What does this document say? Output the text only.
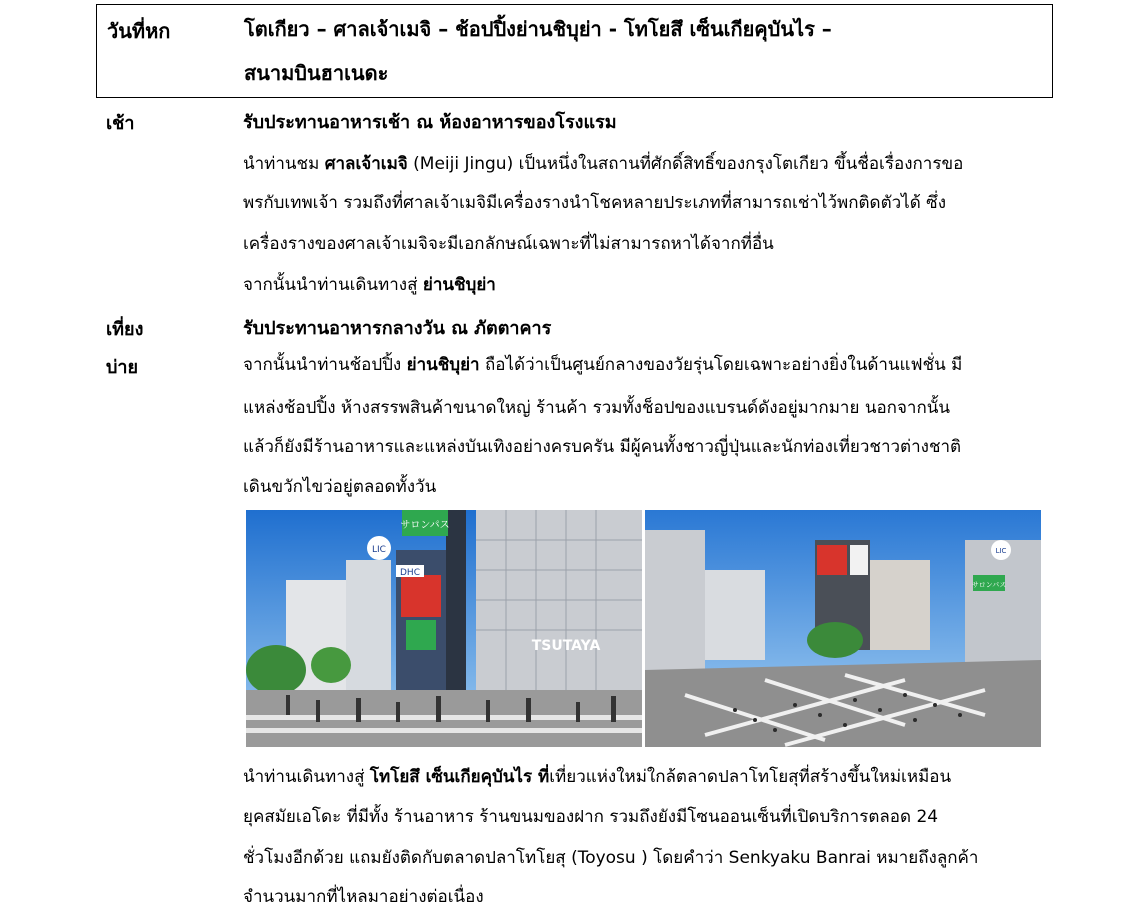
วันที่หก	โตเกียว – ศาลเจ้าเมจิ – ช้อปปิ้งย่านชิบุย่า - โทโยสึ เซ็นเกียคุบันไร –
สนามบินฮาเนดะ
เช้า	รับประทานอาหารเช้า ณ ห้องอาหารของโรงแรม
นำท่านชม ศาลเจ้าเมจิ (Meiji Jingu) เป็นหนึ่งในสถานที่ศักดิ์สิทธิ์ของกรุงโตเกียว ขึ้นชื่อเรื่องการขอ
พรกับเทพเจ้า รวมถึงที่ศาลเจ้าเมจิมีเครื่องรางนำโชคหลายประเภทที่สามารถเช่าไว้พกติดตัวได้ ซึ่ง
เครื่องรางของศาลเจ้าเมจิจะมีเอกลักษณ์เฉพาะที่ไม่สามารถหาได้จากที่อื่น
จากนั้นนำท่านเดินทางสู่ ย่านชิบุย่า
เที่ยง	รับประทานอาหารกลางวัน ณ ภัตตาคาร
บ่าย	จากนั้นนำท่านช้อปปิ้ง ย่านชิบุย่า ถือได้ว่าเป็นศูนย์กลางของวัยรุ่นโดยเฉพาะอย่างยิ่งในด้านแฟชั่น มี
แหล่งช้อปปิ้ง ห้างสรรพสินค้าขนาดใหญ่ ร้านค้า รวมทั้งช็อปของแบรนด์ดังอยู่มากมาย นอกจากนั้น
แล้วก็ยังมีร้านอาหารและแหล่งบันเทิงอย่างครบครัน มีผู้คนทั้งชาวญี่ปุ่นและนักท่องเที่ยวชาวต่างชาติ
เดินขวักไขว่อยู่ตลอดทั้งวัน
サロンパス
DHC
TSUTAYA
LIC
サロンパス
LIC
นำท่านเดินทางสู่ โทโยสึ เซ็นเกียคุบันไร ที่เที่ยวแห่งใหม่ใกล้ตลาดปลาโทโยสุที่สร้างขึ้นใหม่เหมือน
ยุคสมัยเอโดะ ที่มีทั้ง ร้านอาหาร ร้านขนมของฝาก รวมถึงยังมีโซนออนเซ็นที่เปิดบริการตลอด 24
ชั่วโมงอีกด้วย แถมยังติดกับตลาดปลาโทโยสุ (Toyosu ) โดยคำว่า Senkyaku Banrai หมายถึงลูกค้า
จำนวนมากที่ไหลมาอย่างต่อเนื่อง
